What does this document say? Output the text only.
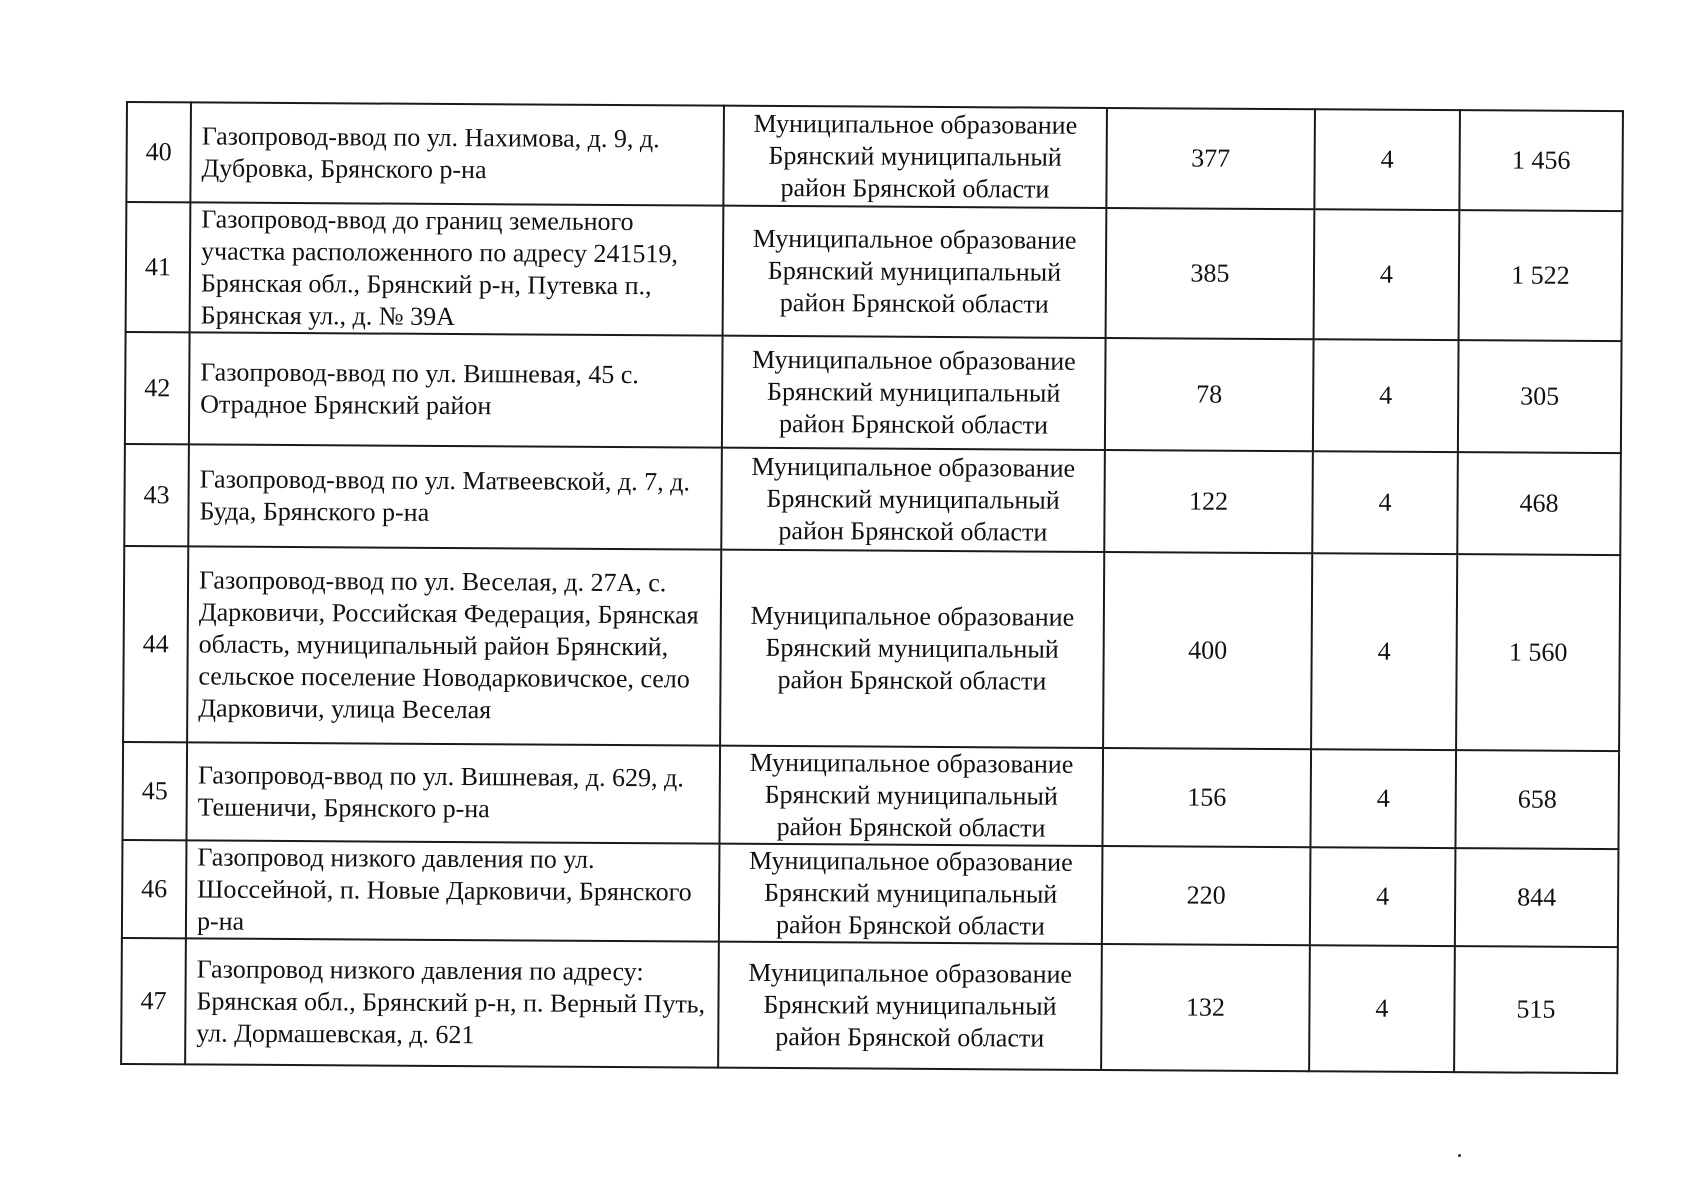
40	Газопровод-ввод по ул. Нахимова, д. 9, д. Дубровка, Брянского р-на	Муниципальное образование Брянский муниципальный район Брянской области	377	4	1 456
41	Газопровод-ввод до границ земельного участка расположенного по адресу 241519, Брянская обл., Брянский р-н, Путевка п., Брянская ул., д. № 39А	Муниципальное образование Брянский муниципальный район Брянской области	385	4	1 522
42	Газопровод-ввод по ул. Вишневая, 45 с. Отрадное Брянский район	Муниципальное образование Брянский муниципальный район Брянской области	78	4	305
43	Газопровод-ввод по ул. Матвеевской, д. 7, д. Буда, Брянского р-на	Муниципальное образование Брянский муниципальный район Брянской области	122	4	468
44	Газопровод-ввод по ул. Веселая, д. 27А, с. Дарковичи, Российская Федерация, Брянская область, муниципальный район Брянский, сельское поселение Новодарковичское, село Дарковичи, улица Веселая	Муниципальное образование Брянский муниципальный район Брянской области	400	4	1 560
45	Газопровод-ввод по ул. Вишневая, д. 629, д. Тешеничи, Брянского р-на	Муниципальное образование Брянский муниципальный район Брянской области	156	4	658
46	Газопровод низкого давления по ул. Шоссейной, п. Новые Дарковичи, Брянского р-на	Муниципальное образование Брянский муниципальный район Брянской области	220	4	844
47	Газопровод низкого давления по адресу: Брянская обл., Брянский р-н, п. Верный Путь, ул. Дормашевская, д. 621	Муниципальное образование Брянский муниципальный район Брянской области	132	4	515
